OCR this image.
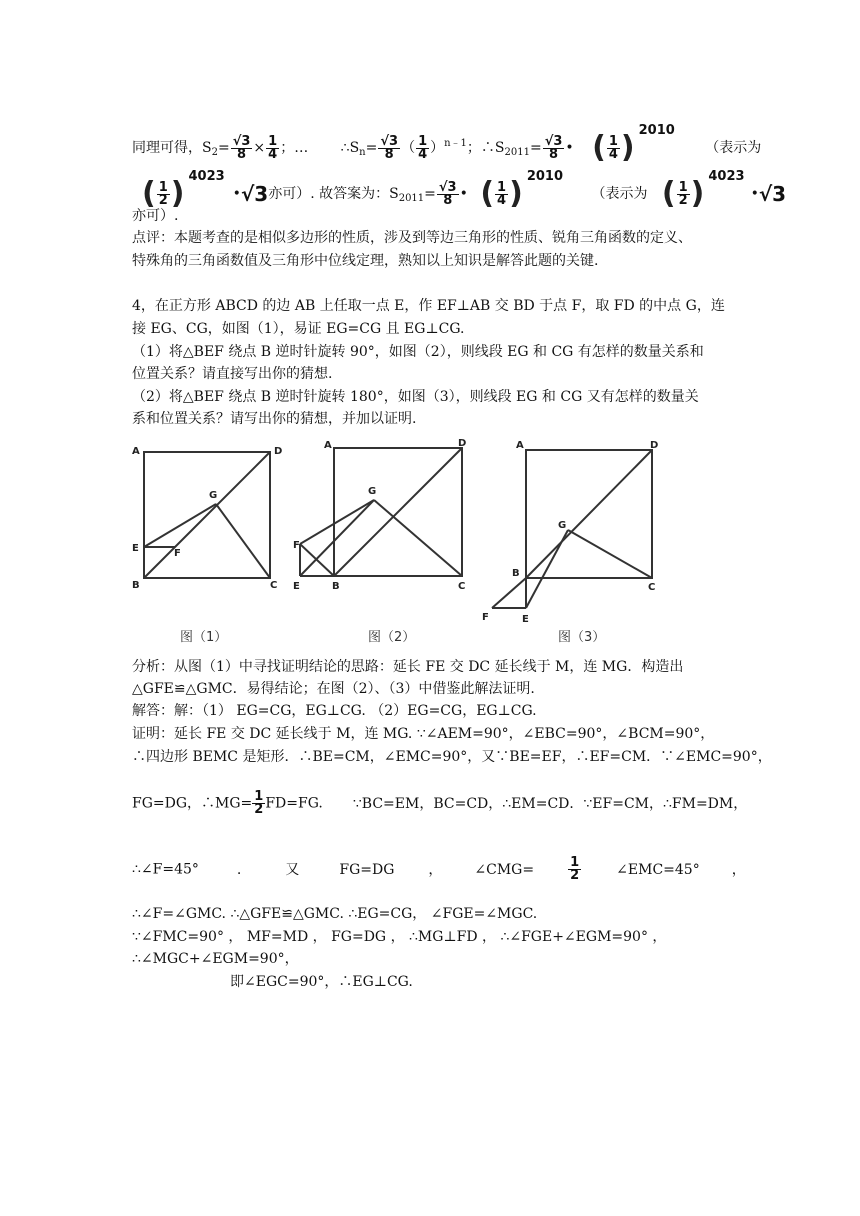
同理可得，$S_2= \frac{√3}{8} \times \frac{1}{4}$ ；… $\therefore S_n= \frac{√3}{8}$ （ $\frac{1}{4} )^{n﹣1}$；$\therefore S_{2011}= \frac{√3}{8}$ • ( $\frac{1}{4}$ ) 2010 （表示为
( $\frac{1}{2}$ ) 4023•√3亦可）. 故答案为：$S_{2011}= \frac{√3}{8}$ • ( $\frac{1}{4}$ ) 2010 （表示为 ( $\frac{1}{2}$ ) 4023•√3
亦可）.
点评：本题考查的是相似多边形的性质，涉及到等边三角形的性质、锐角三角函数的定义、
特殊角的三角函数值及三角形中位线定理，熟知以上知识是解答此题的关键.
4，在正方形 ABCD 的边 AB 上任取一点 E，作 EF⊥AB 交 BD 于点 F，取 FD 的中点 G，连
接 EG、CG，如图（1），易证 EG=CG 且 EG⊥CG.
（1）将△BEF 绕点 B 逆时针旋转 90°，如图（2），则线段 EG 和 CG 有怎样的数量关系和
位置关系？请直接写出你的猜想.
（2）将△BEF 绕点 B 逆时针旋转 180°，如图（3），则线段 EG 和 CG 又有怎样的数量关
系和位置关系？请写出你的猜想，并加以证明.
A	D
G
E	F
B	C
A	D
G
F
E	B	C
A	D
G
B
C
F	E
图（1）	图（2）	图（3）
分析：从图（1）中寻找证明结论的思路：延长 FE 交 DC 延长线于 M，连 MG．构造出
△GFE≌△GMC．易得结论；在图（2）、（3）中借鉴此解法证明.
解答：解：（1） EG=CG，EG⊥CG. （2）EG=CG，EG⊥CG.
证明：延长 FE 交 DC 延长线于 M，连 MG. ∵∠AEM=90°，∠EBC=90°，∠BCM=90°，
∴四边形 BEMC 是矩形．∴BE=CM，∠EMC=90°，又∵BE=EF，∴EF=CM．∵∠EMC=90°，
FG=DG，∴MG= $\frac{1}{2} FD=FG$. ∵BC=EM，BC=CD，∴EM=CD．∵EF=CM，∴FM=DM，
∴∠F=45°	.	又	FG=DG ， ∠CMG=	$\frac{1}{2}$	∠EMC=45° ，
∴∠F=∠GMC. ∴△GFE≌△GMC. ∴EG=CG， ∠FGE=∠MGC.
∵∠FMC=90° ， MF=MD ， FG=DG ， ∴MG⊥FD ， ∴∠FGE+∠EGM=90° ，
∴∠MGC+∠EGM=90°，
即∠EGC=90°，∴EG⊥CG.
